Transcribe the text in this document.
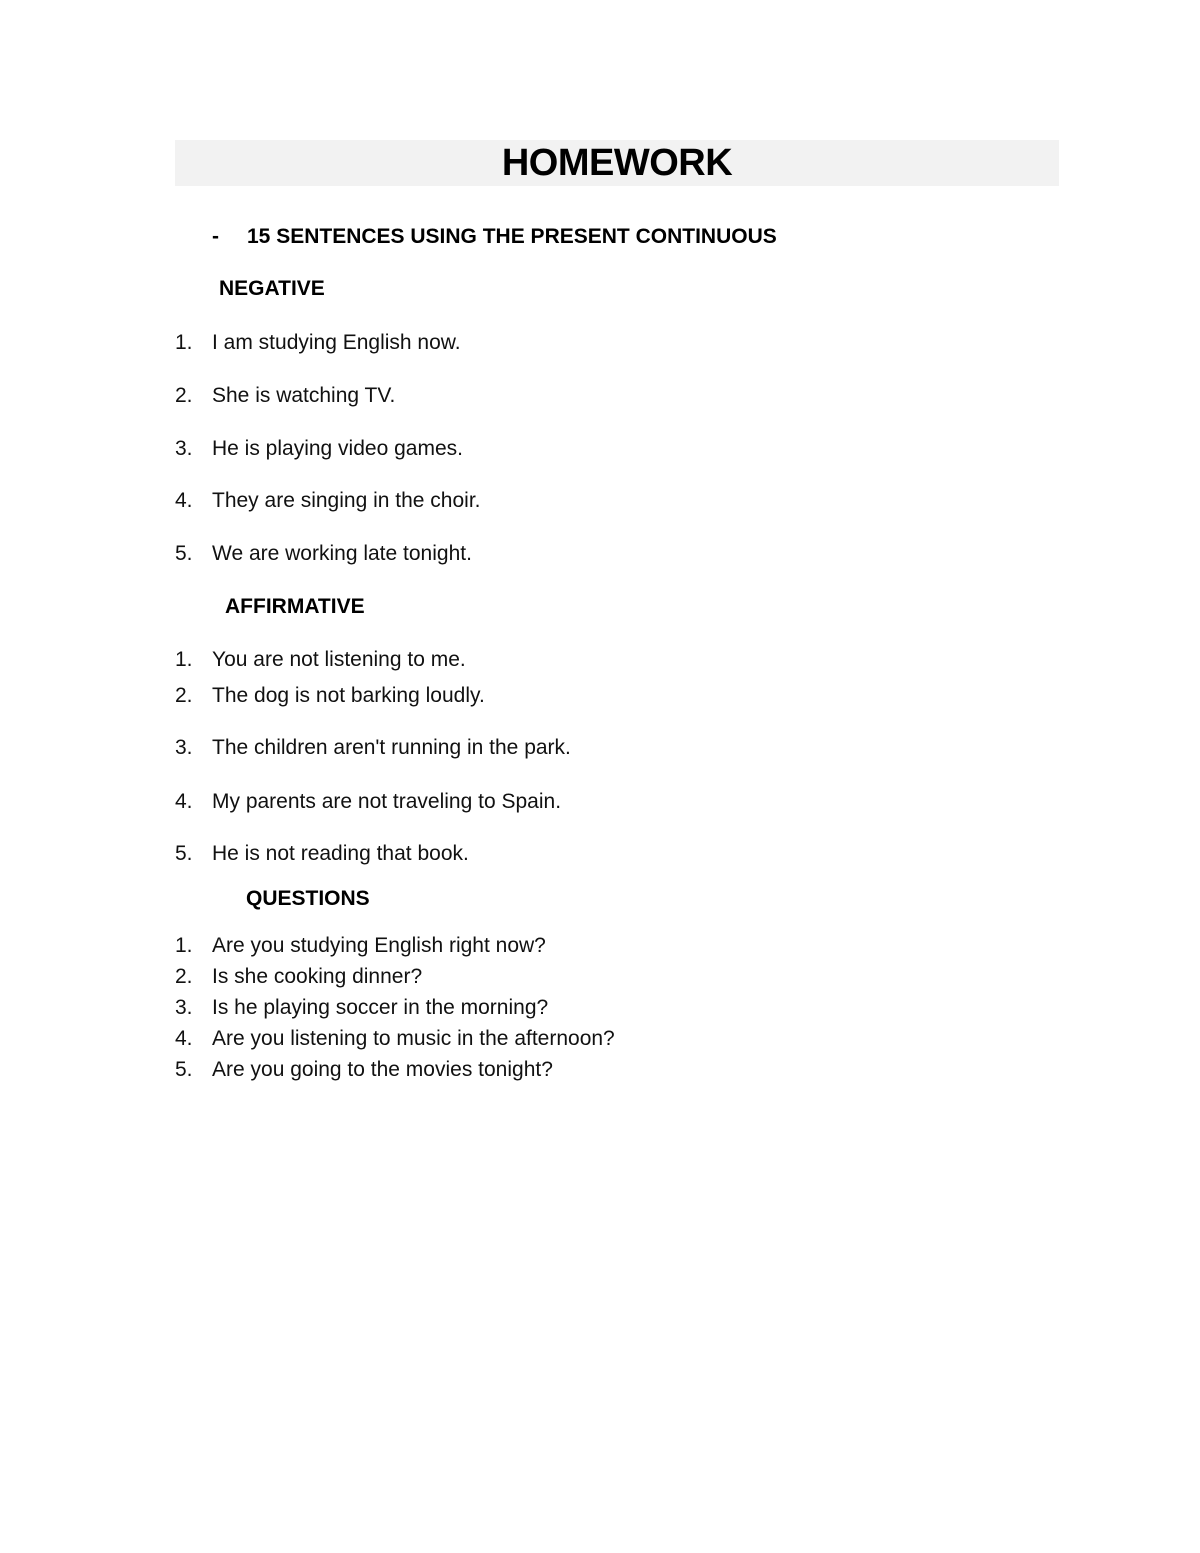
HOMEWORK
- 15 SENTENCES USING THE PRESENT CONTINUOUS
NEGATIVE
1. I am studying English now.
2. She is watching TV.
3. He is playing video games.
4. They are singing in the choir.
5. We are working late tonight.
AFFIRMATIVE
1. You are not listening to me.
2. The dog is not barking loudly.
3. The children aren't running in the park.
4. My parents are not traveling to Spain.
5. He is not reading that book.
QUESTIONS
1. Are you studying English right now?
2. Is she cooking dinner?
3. Is he playing soccer in the morning?
4. Are you listening to music in the afternoon?
5. Are you going to the movies tonight?
